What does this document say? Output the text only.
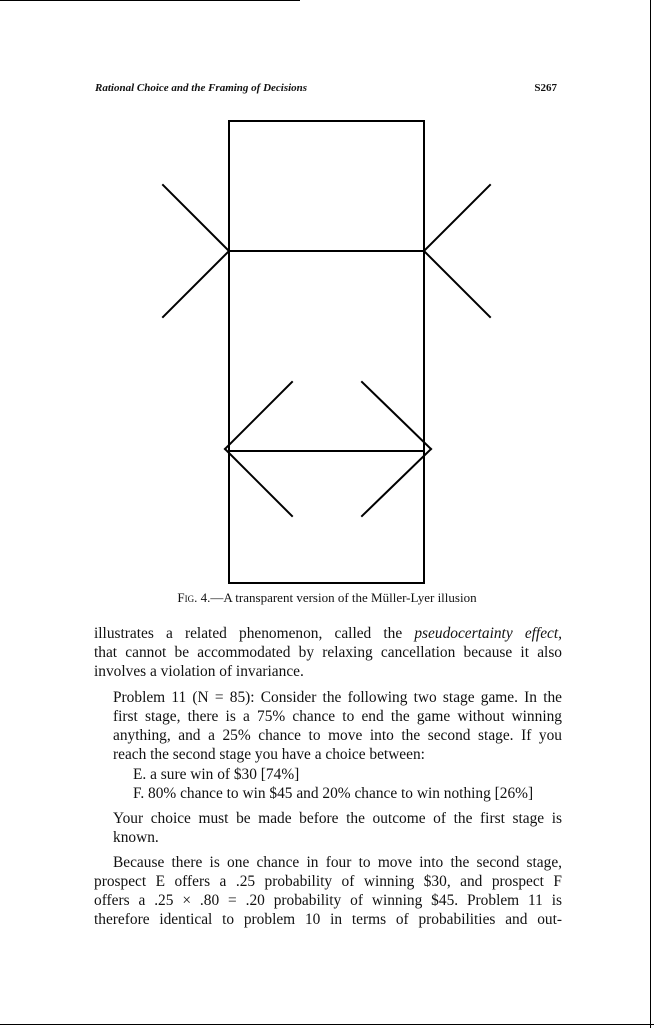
Rational Choice and the Framing of Decisions	S267
Fig. 4.—A transparent version of the Müller-Lyer illusion
illustrates a related phenomenon, called the pseudocertainty effect,
that cannot be accommodated by relaxing cancellation because it also
involves a violation of invariance.
Problem 11 (N = 85): Consider the following two stage game. In the
first stage, there is a 75% chance to end the game without winning
anything, and a 25% chance to move into the second stage. If you
reach the second stage you have a choice between:
E. a sure win of $30 [74%]
F. 80% chance to win $45 and 20% chance to win nothing [26%]
Your choice must be made before the outcome of the first stage is
known.
Because there is one chance in four to move into the second stage,
prospect E offers a .25 probability of winning $30, and prospect F
offers a .25 × .80 = .20 probability of winning $45. Problem 11 is
therefore identical to problem 10 in terms of probabilities and out-
